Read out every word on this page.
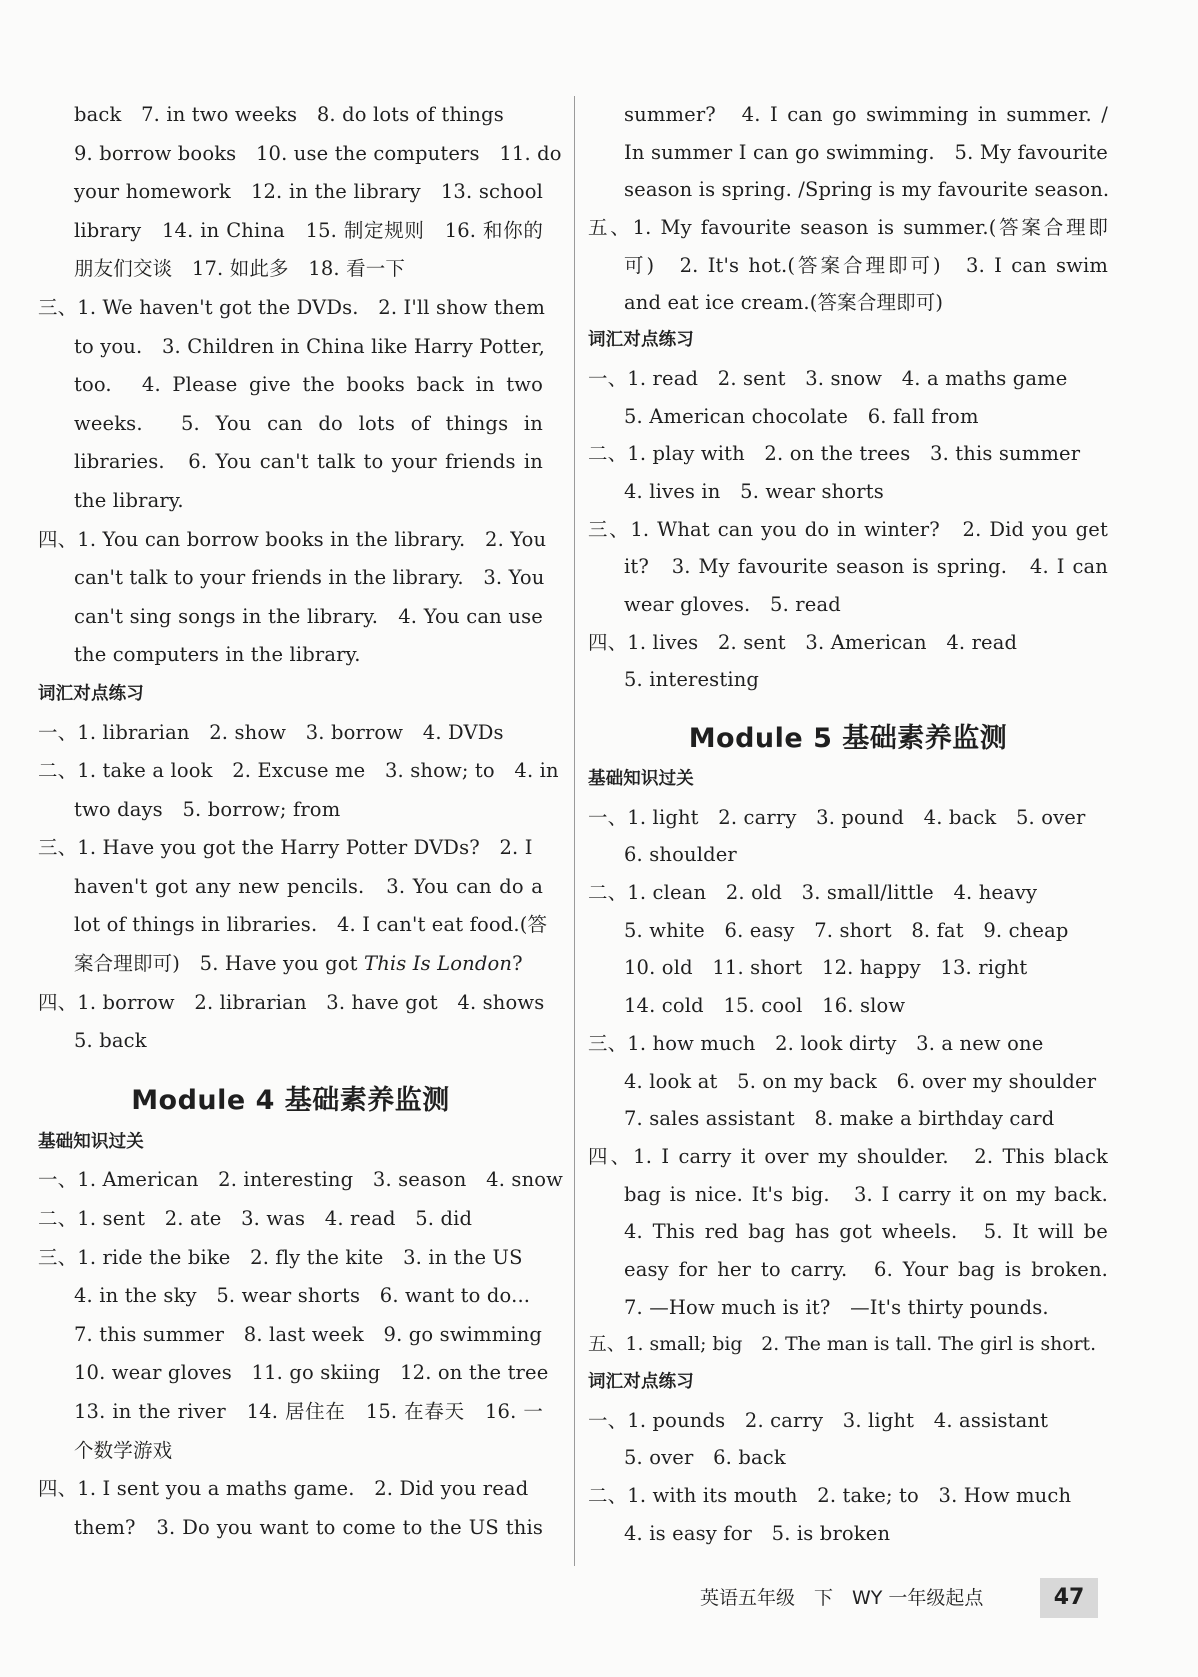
back　7. in two weeks　8. do lots of things
9. borrow books　10. use the computers　11. do
your homework　12. in the library　13. school
library　14. in China　15. 制定规则　16. 和你的
朋友们交谈　17. 如此多　18. 看一下
三、1. We haven't got the DVDs.　2. I'll show them
to you.　3. Children in China like Harry Potter,
too.　4. Please give the books back in two
weeks.　5. You can do lots of things in
libraries.　6. You can't talk to your friends in
the library.
四、1. You can borrow books in the library.　2. You
can't talk to your friends in the library.　3. You
can't sing songs in the library.　4. You can use
the computers in the library.
词汇对点练习
一、1. librarian　2. show　3. borrow　4. DVDs
二、1. take a look　2. Excuse me　3. show; to　4. in
two days　5. borrow; from
三、1. Have you got the Harry Potter DVDs?　2. I
haven't got any new pencils.　3. You can do a
lot of things in libraries.　4. I can't eat food.(答
案合理即可)　5. Have you got This Is London?
四、1. borrow　2. librarian　3. have got　4. shows
5. back
Module 4 基础素养监测
基础知识过关
一、1. American　2. interesting　3. season　4. snow
二、1. sent　2. ate　3. was　4. read　5. did
三、1. ride the bike　2. fly the kite　3. in the US
4. in the sky　5. wear shorts　6. want to do...
7. this summer　8. last week　9. go swimming
10. wear gloves　11. go skiing　12. on the tree
13. in the river　14. 居住在　15. 在春天　16. 一
个数学游戏
四、1. I sent you a maths game.　2. Did you read
them?　3. Do you want to come to the US this
summer?　4. I can go swimming in summer. /
In summer I can go swimming.　5. My favourite
season is spring. /Spring is my favourite season.
五、1. My favourite season is summer.(答案合理即
可)　2. It's hot.(答案合理即可)　3. I can swim
and eat ice cream.(答案合理即可)
词汇对点练习
一、1. read　2. sent　3. snow　4. a maths game
5. American chocolate　6. fall from
二、1. play with　2. on the trees　3. this summer
4. lives in　5. wear shorts
三、1. What can you do in winter?　2. Did you get
it?　3. My favourite season is spring.　4. I can
wear gloves.　5. read
四、1. lives　2. sent　3. American　4. read
5. interesting
Module 5 基础素养监测
基础知识过关
一、1. light　2. carry　3. pound　4. back　5. over
6. shoulder
二、1. clean　2. old　3. small/little　4. heavy
5. white　6. easy　7. short　8. fat　9. cheap
10. old　11. short　12. happy　13. right
14. cold　15. cool　16. slow
三、1. how much　2. look dirty　3. a new one
4. look at　5. on my back　6. over my shoulder
7. sales assistant　8. make a birthday card
四、1. I carry it over my shoulder.　2. This black
bag is nice. It's big.　3. I carry it on my back.
4. This red bag has got wheels.　5. It will be
easy for her to carry.　6. Your bag is broken.
7. —How much is it?　—It's thirty pounds.
五、1. small; big　2. The man is tall. The girl is short.
词汇对点练习
一、1. pounds　2. carry　3. light　4. assistant
5. over　6. back
二、1. with its mouth　2. take; to　3. How much
4. is easy for　5. is broken
英语五年级　下　WY 一年级起点	47
